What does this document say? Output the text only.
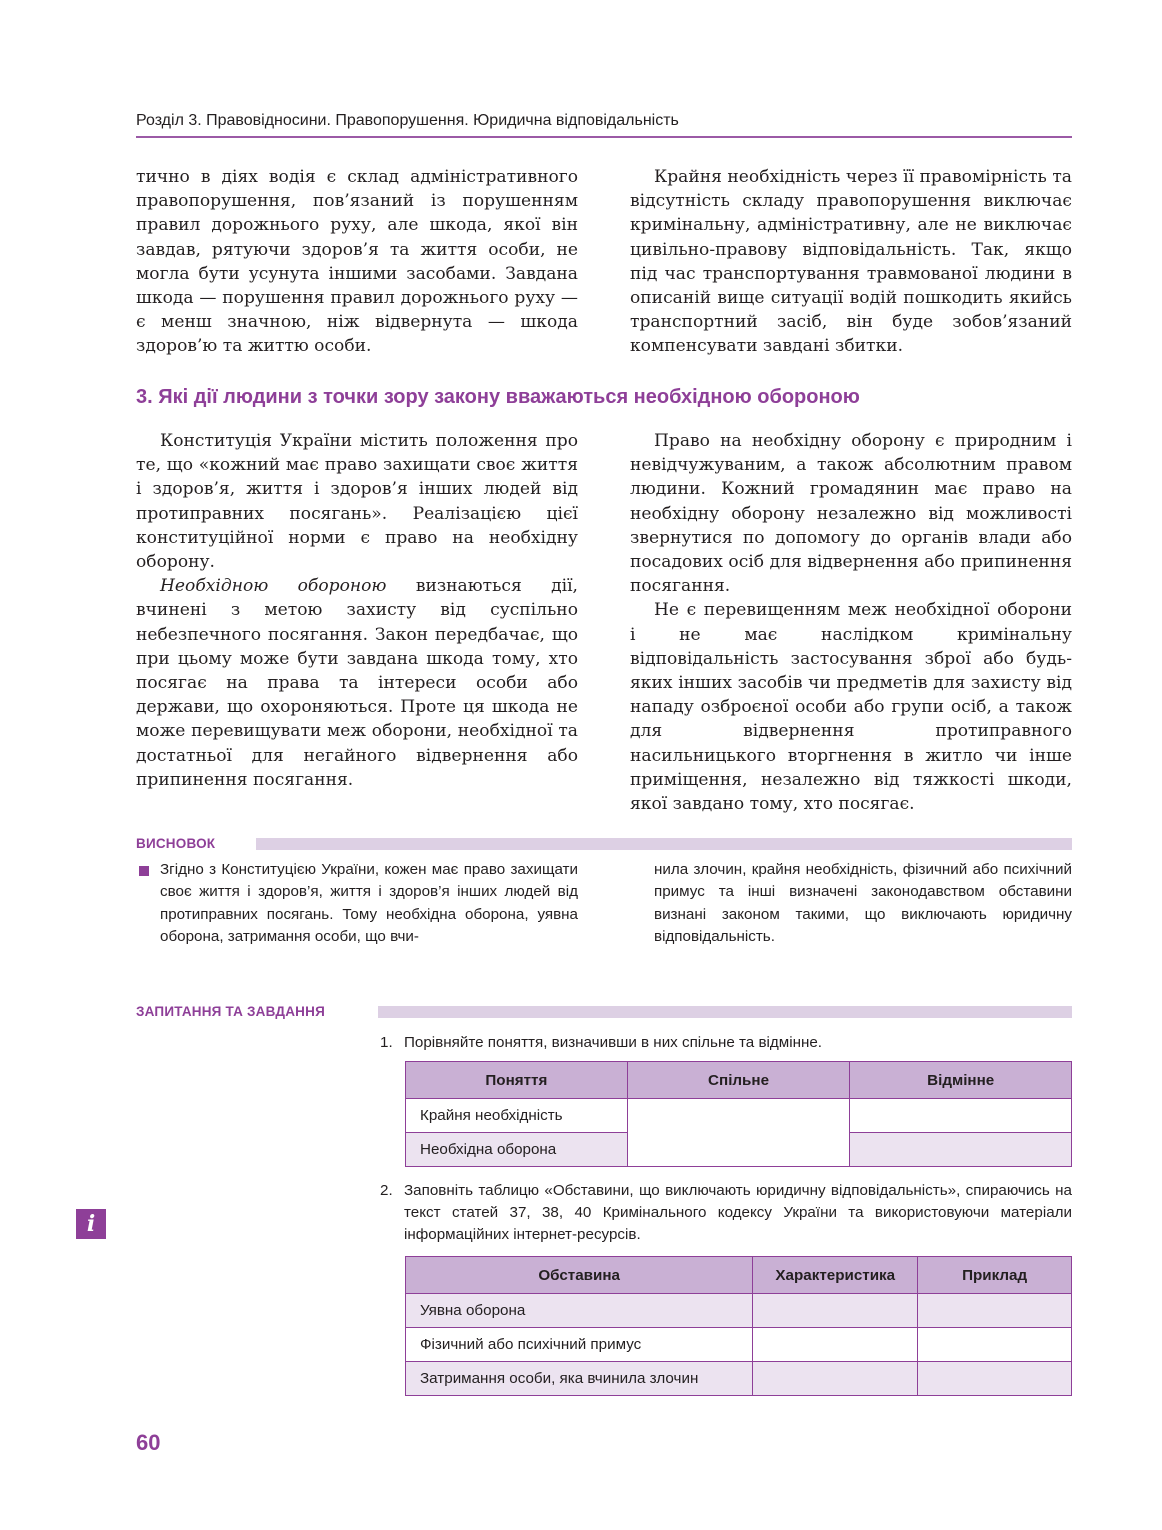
Розділ 3. Правовідносини. Правопорушення. Юридична відповідальність

тично в діях водія є склад адміністративного правопорушення, пов’язаний із порушенням правил дорожнього руху, але шкода, якої він завдав, рятуючи здоров’я та життя особи, не могла бути усунута іншими засобами. Завдана шкода — порушення правил дорожнього руху — є менш значною, ніж відвернута — шкода здоров’ю та життю особи.

Крайня необхідність через її правомірність та відсутність складу правопорушення виключає кримінальну, адміністративну, але не виключає цивільно-правову відповідальність. Так, якщо під час транспортування травмованої людини в описаній вище ситуації водій пошкодить якийсь транспортний засіб, він буде зобов’язаний компенсувати завдані збитки.

3. Які дії людини з точки зору закону вважаються необхідною обороною

Конституція України містить положення про те, що «кожний має право захищати своє життя і здоров’я, життя і здоров’я інших людей від протиправних посягань». Реалізацією цієї конституційної норми є право на необхідну оборону.

Необхідною обороною визнаються дії, вчинені з метою захисту від суспільно небезпечного посягання. Закон передбачає, що при цьому може бути завдана шкода тому, хто посягає на права та інтереси особи або держави, що охороняються. Проте ця шкода не може перевищувати меж оборони, необхідної та достатньої для негайного відвернення або припинення посягання.

Право на необхідну оборону є природним і невідчужуваним, а також абсолютним правом людини. Кожний громадянин має право на необхідну оборону незалежно від можливості звернутися по допомогу до органів влади або посадових осіб для відвернення або припинення посягання.

Не є перевищенням меж необхідної оборони і не має наслідком кримінальну відповідальність застосування зброї або будь-яких інших засобів чи предметів для захисту від нападу озброєної особи або групи осіб, а також для відвернення протиправного насильницького вторгнення в житло чи інше приміщення, незалежно від тяжкості шкоди, якої завдано тому, хто посягає.

ВИСНОВОК

Згідно з Конституцією України, кожен має право захищати своє життя і здоров’я, життя і здоров’я інших людей від протиправних посягань. Тому необхідна оборона, уявна оборона, затримання особи, що вчи-

нила злочин, крайня необхідність, фізичний або психічний примус та інші визначені законодавством обставини визнані законом такими, що виключають юридичну відповідальність.

ЗАПИТАННЯ ТА ЗАВДАННЯ
1. Порівняйте поняття, визначивши в них спільне та відмінне.
Поняття	Спільне	Відмінне
Крайня необхідність		
Необхідна оборона		
2. Заповніть таблицю «Обставини, що виключають юридичну відповідальність», спираючись на текст статей 37, 38, 40 Кримінального кодексу України та використовуючи матеріали інформаційних інтернет-ресурсів.
Обставина	Характеристика	Приклад
Уявна оборона		
Фізичний або психічний примус		
Затримання особи, яка вчинила злочин		
i
60
